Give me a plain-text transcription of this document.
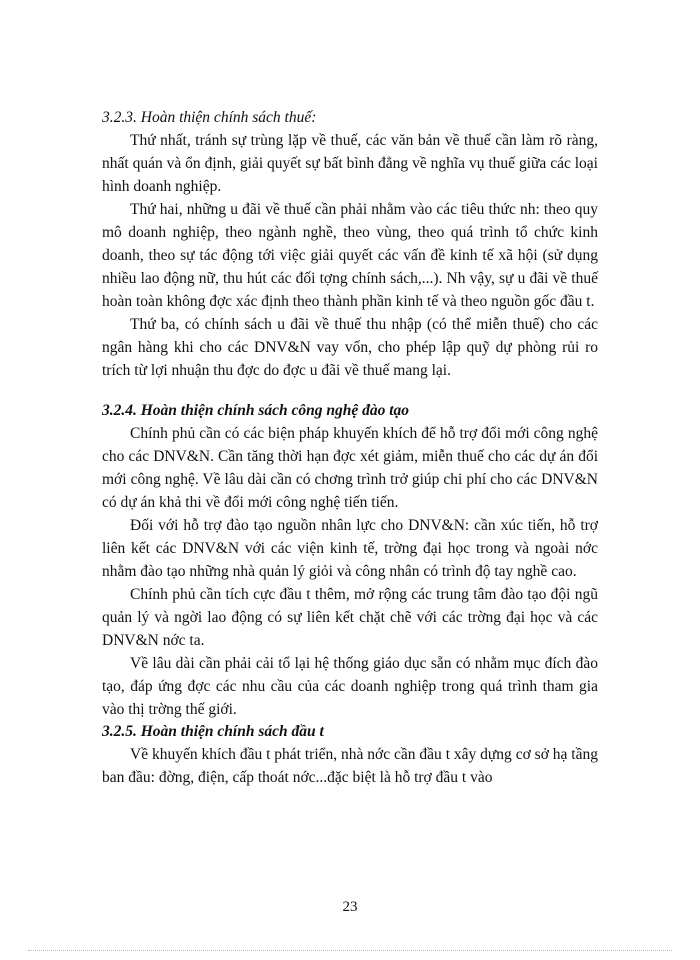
3.2.3. Hoàn thiện chính sách thuế:

Thứ nhất, tránh sự trùng lặp về thuế, các văn bản về thuế cần làm rõ ràng, nhất quán và ổn định, giải quyết sự bất bình đẳng về nghĩa vụ thuế giữa các loại hình doanh nghiệp.

Thứ hai, những u đãi về thuế cần phải nhằm vào các tiêu thức nh: theo quy mô doanh nghiệp, theo ngành nghề, theo vùng, theo quá trình tổ chức kinh doanh, theo sự tác động tới việc giải quyết các vấn đề kinh tế xã hội (sử dụng nhiều lao động nữ, thu hút các đối tợng chính sách,...). Nh vậy, sự u đãi về thuế hoàn toàn không đợc xác định theo thành phần kinh tế và theo nguồn gốc đầu t.

Thứ ba, có chính sách u đãi về thuế thu nhập (có thể miễn thuế) cho các ngân hàng khi cho các DNV&N vay vốn, cho phép lập quỹ dự phòng rủi ro trích từ lợi nhuận thu đợc do đợc u đãi về thuế mang lại.

3.2.4. Hoàn thiện chính sách công nghệ đào tạo

Chính phủ cần có các biện pháp khuyến khích để hỗ trợ đổi mới công nghệ cho các DNV&N. Cần tăng thời hạn đợc xét giảm, miễn thuế cho các dự án đổi mới công nghệ. Về lâu dài cần có chơng trình trở giúp chi phí cho các DNV&N có dự án khả thi về đổi mới công nghệ tiến tiến.

Đối với hỗ trợ đào tạo nguồn nhân lực cho DNV&N: cần xúc tiến, hỗ trợ liên kết các DNV&N với các viện kinh tế, trờng đại học trong và ngoài nớc nhằm đào tạo những nhà quản lý giỏi và công nhân có trình độ tay nghề cao.

Chính phủ cần tích cực đầu t thêm, mở rộng các trung tâm đào tạo đội ngũ quản lý và ngời lao động có sự liên kết chặt chẽ với các trờng đại học và các DNV&N nớc ta.

Về lâu dài cần phải cải tổ lại hệ thống giáo dục sẵn có nhằm mục đích đào tạo, đáp ứng đợc các nhu cầu của các doanh nghiệp trong quá trình tham gia vào thị trờng thế giới.

3.2.5. Hoàn thiện chính sách đầu t

Về khuyến khích đầu t phát triển, nhà nớc cần đầu t xây dựng cơ sở hạ tầng ban đầu: đờng, điện, cấp thoát nớc...đặc biệt là hỗ trợ đầu t vào

23
